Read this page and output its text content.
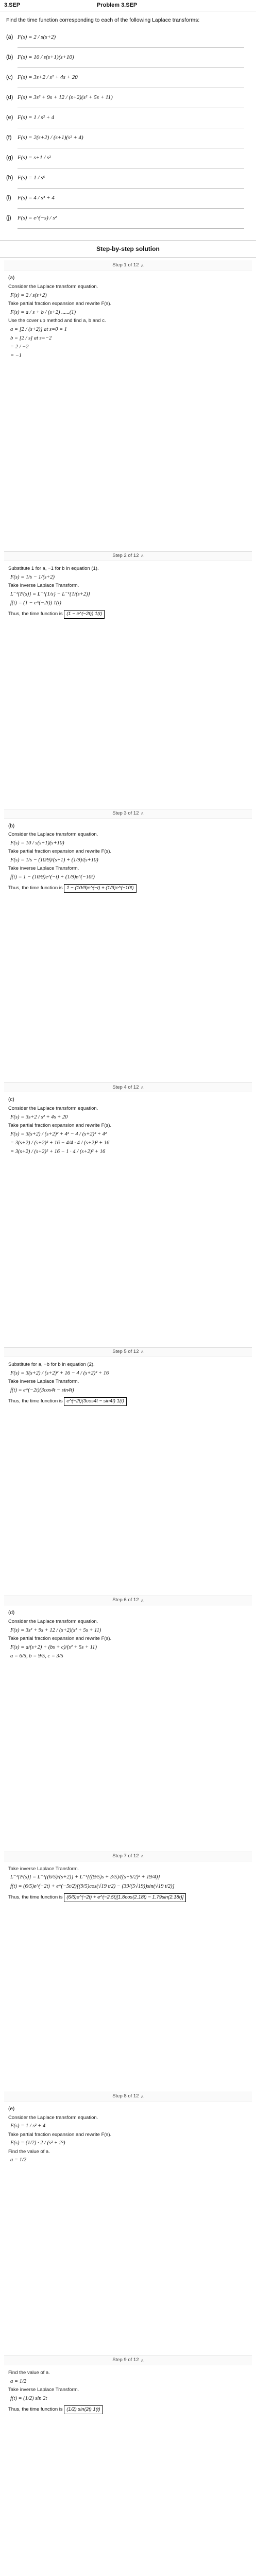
3.SEP	Problem 3.SEP
Find the time function corresponding to each of the following Laplace transforms:
(a) F(s) = 2 / s(s+2)
(b) F(s) = 10 / s(s+1)(s+10)
(c) F(s) = 3s+2 / s² + 4s + 20
(d) F(s) = 3s² + 9s + 12 / (s+2)(s² + 5s + 11)
(e) F(s) = 1 / s² + 4
(f)	F(s) = 2(s+2) / (s+1)(s² + 4)
(g) F(s) = s+1 / s²
(h) F(s) = 1 / s⁶
(i)	F(s) = 4 / s⁴ + 4
(j)	F(s) = e^(−s) / s²
Step-by-step solution
Step 1 of 12 ˄
(a)
Consider the Laplace transform equation.
F(s) = 2 / s(s+2)
Take partial fraction expansion and rewrite F(s).
F(s) = a / s + b / (s+2) ......(1)
Use the cover up method and find a, b and c.
a = [2 / (s+2)] at s=0 = 1
b = [2 / s] at s=−2
= 2 / −2
= −1
Step 2 of 12 ˄
Substitute 1 for a, −1 for b in equation (1).
F(s) = 1/s − 1/(s+2)
Take inverse Laplace Transform.
L⁻¹{F(s)} = L⁻¹{1/s} − L⁻¹{1/(s+2)}
f(t) = (1 − e^(−2t)) 1(t)
Thus, the time function is (1 − e^(−2t)) 1(t)
Step 3 of 12 ˄
(b)
Consider the Laplace transform equation.
F(s) = 10 / s(s+1)(s+10)
Take partial fraction expansion and rewrite F(s).
F(s) = 1/s − (10/9)/(s+1) + (1/9)/(s+10)
Take inverse Laplace Transform.
f(t) = 1 − (10/9)e^(−t) + (1/9)e^(−10t)
Thus, the time function is 1 − (10/9)e^(−t) + (1/9)e^(−10t)
Step 4 of 12 ˄
(c)
Consider the Laplace transform equation.
F(s) = 3s+2 / s² + 4s + 20
Take partial fraction expansion and rewrite F(s).
F(s) = 3(s+2) / (s+2)² + 4² − 4 / (s+2)² + 4²
= 3(s+2) / (s+2)² + 16 − 4/4 · 4 / (s+2)² + 16
= 3(s+2) / (s+2)² + 16 − 1 · 4 / (s+2)² + 16
Step 5 of 12 ˄
Substitute for a, −b for b in equation (2).
F(s) = 3(s+2) / (s+2)² + 16 − 4 / (s+2)² + 16
Take inverse Laplace Transform.
f(t) = e^(−2t)(3cos4t − sin4t)
Thus, the time function is e^(−2t)(3cos4t − sin4t) 1(t)
Step 6 of 12 ˄
(d)
Consider the Laplace transform equation.
F(s) = 3s² + 9s + 12 / (s+2)(s² + 5s + 11)
Take partial fraction expansion and rewrite F(s).
F(s) = a/(s+2) + (bs + c)/(s² + 5s + 11)
a = 6/5, b = 9/5, c = 3/5
Step 7 of 12 ˄
Take inverse Laplace Transform.
L⁻¹{F(s)} = L⁻¹{(6/5)/(s+2)} + L⁻¹{((9/5)s + 3/5)/((s+5/2)² + 19/4)}
f(t) = (6/5)e^(−2t) + e^(−5t/2)[(9/5)cos(√19 t/2) − (39/(5√19))sin(√19 t/2)]
Thus, the time function is (6/5)e^(−2t) + e^(−2.5t)[1.8cos(2.18t) − 1.79sin(2.18t)]
Step 8 of 12 ˄
(e)
Consider the Laplace transform equation.
F(s) = 1 / s² + 4
Take partial fraction expansion and rewrite F(s).
F(s) = (1/2) · 2 / (s² + 2²)
Find the value of a.
a = 1/2
Step 9 of 12 ˄
Find the value of a.
a = 1/2
Take inverse Laplace Transform.
f(t) = (1/2) sin 2t
Thus, the time function is (1/2) sin(2t) 1(t)
